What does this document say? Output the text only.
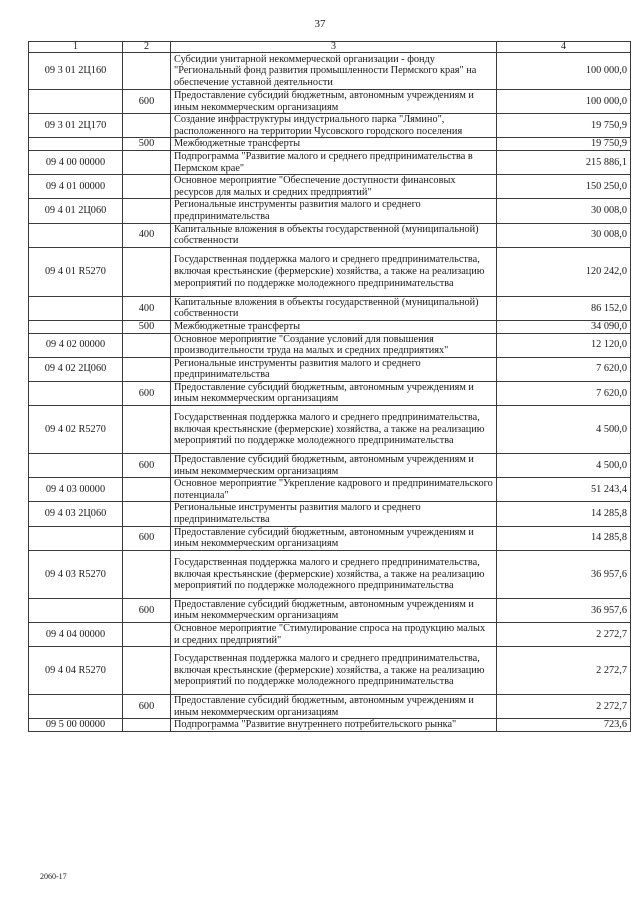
37
1	2	3	4
09 3 01 2Ц160		Субсидии унитарной некоммерческой организации - фонду "Региональный фонд развития промышленности Пермского края" на обеспечение уставной деятельности	100 000,0
	600	Предоставление субсидий бюджетным, автономным учреждениям и иным некоммерческим организациям	100 000,0
09 3 01 2Ц170		Создание инфраструктуры индустриального парка "Лямино", расположенного на территории Чусовского городского поселения	19 750,9
	500	Межбюджетные трансферты	19 750,9
09 4 00 00000		Подпрограмма "Развитие малого и среднего предпринимательства в Пермском крае"	215 886,1
09 4 01 00000		Основное мероприятие "Обеспечение доступности финансовых ресурсов для малых и средних предприятий"	150 250,0
09 4 01 2Ц060		Региональные инструменты развития малого и среднего предпринимательства	30 008,0
	400	Капитальные вложения в объекты государственной (муниципальной) собственности	30 008,0
09 4 01 R5270		Государственная поддержка малого и среднего предпринимательства, включая крестьянские (фермерские) хозяйства, а также на реализацию мероприятий по поддержке молодежного предпринимательства	120 242,0
	400	Капитальные вложения в объекты государственной (муниципальной) собственности	86 152,0
	500	Межбюджетные трансферты	34 090,0
09 4 02 00000		Основное мероприятие "Создание условий для повышения производительности труда на малых и средних предприятиях"	12 120,0
09 4 02 2Ц060		Региональные инструменты развития малого и среднего предпринимательства	7 620,0
	600	Предоставление субсидий бюджетным, автономным учреждениям и иным некоммерческим организациям	7 620,0
09 4 02 R5270		Государственная поддержка малого и среднего предпринимательства, включая крестьянские (фермерские) хозяйства, а также на реализацию мероприятий по поддержке молодежного предпринимательства	4 500,0
	600	Предоставление субсидий бюджетным, автономным учреждениям и иным некоммерческим организациям	4 500,0
09 4 03 00000		Основное мероприятие "Укрепление кадрового и предпринимательского потенциала"	51 243,4
09 4 03 2Ц060		Региональные инструменты развития малого и среднего предпринимательства	14 285,8
	600	Предоставление субсидий бюджетным, автономным учреждениям и иным некоммерческим организациям	14 285,8
09 4 03 R5270		Государственная поддержка малого и среднего предпринимательства, включая крестьянские (фермерские) хозяйства, а также на реализацию мероприятий по поддержке молодежного предпринимательства	36 957,6
	600	Предоставление субсидий бюджетным, автономным учреждениям и иным некоммерческим организациям	36 957,6
09 4 04 00000		Основное мероприятие "Стимулирование спроса на продукцию малых и средних предприятий"	2 272,7
09 4 04 R5270		Государственная поддержка малого и среднего предпринимательства, включая крестьянские (фермерские) хозяйства, а также на реализацию мероприятий по поддержке молодежного предпринимательства	2 272,7
	600	Предоставление субсидий бюджетным, автономным учреждениям и иным некоммерческим организациям	2 272,7
09 5 00 00000		Подпрограмма "Развитие внутреннего потребительского рынка"	723,6
2060-17
